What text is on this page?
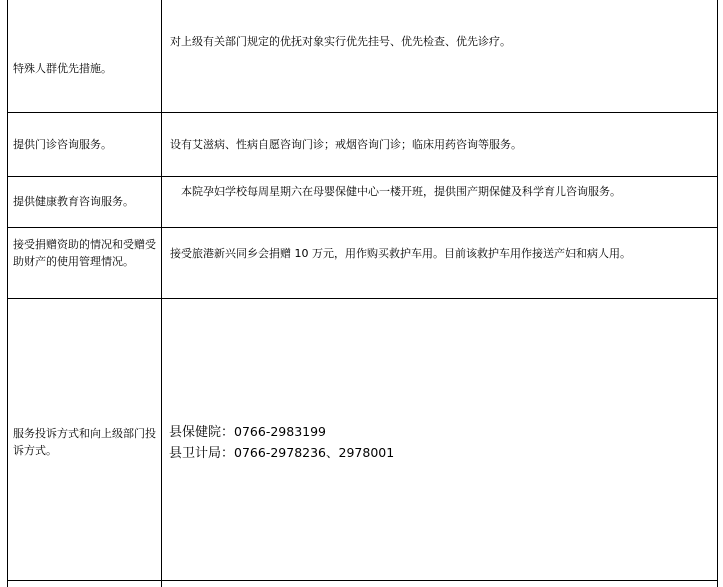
特殊人群优先措施。
对上级有关部门规定的优抚对象实行优先挂号、优先检查、优先诊疗。
提供门诊咨询服务。	设有艾滋病、性病自愿咨询门诊；戒烟咨询门诊；临床用药咨询等服务。
提供健康教育咨询服务。
本院孕妇学校每周星期六在母婴保健中心一楼开班，提供围产期保健及科学育儿咨询服务。
接受捐赠资助的情况和受赠受助财产的使用管理情况。
接受旅港新兴同乡会捐赠 10 万元，用作购买救护车用。目前该救护车用作接送产妇和病人用。
服务投诉方式和向上级部门投诉方式。
县保健院：0766-2983199
县卫计局：0766-2978236、2978001
